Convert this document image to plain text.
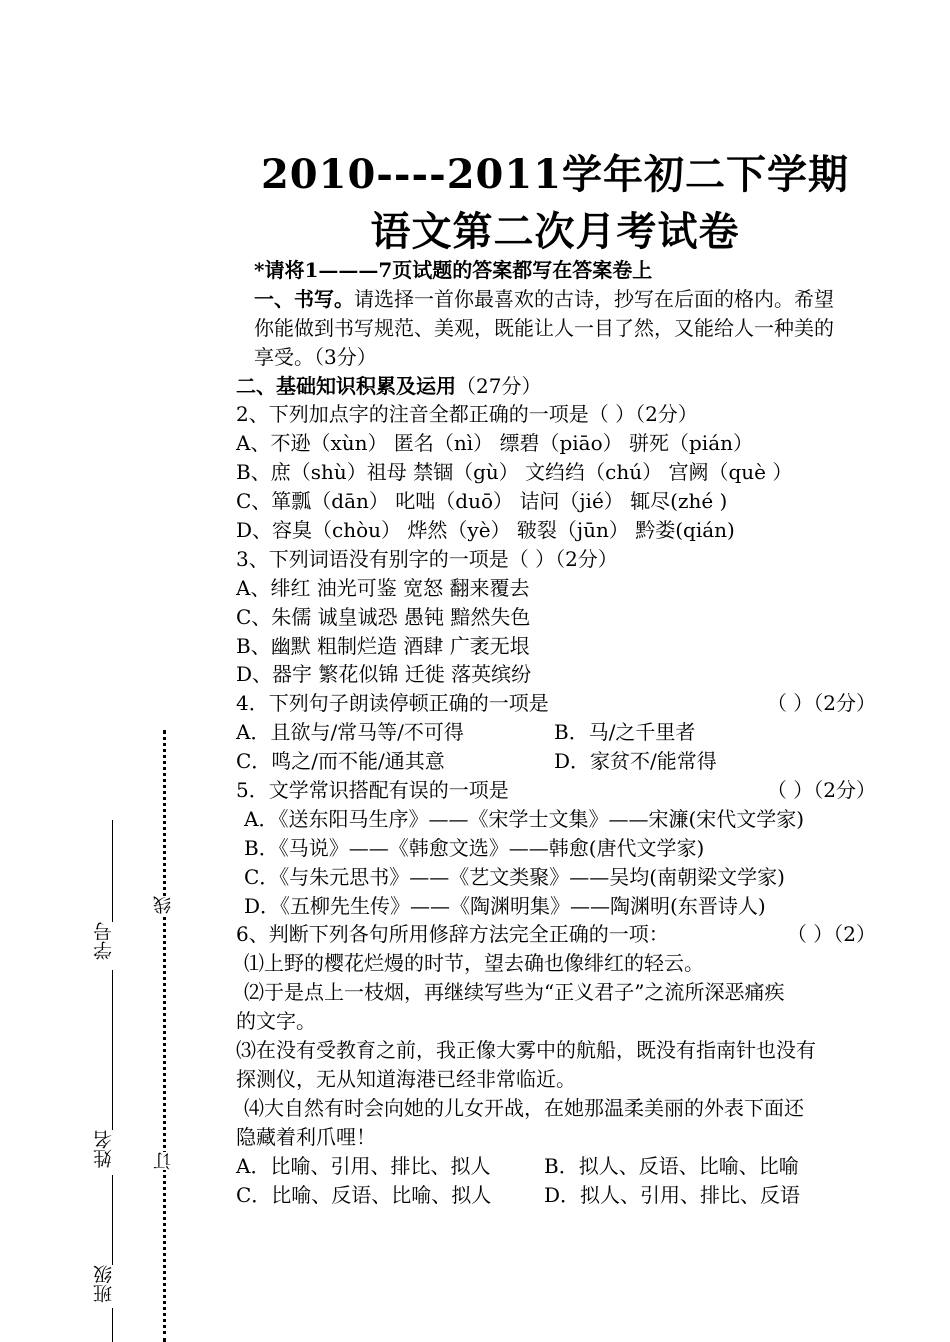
2010----2011学年初二下学期
语文第二次月考试卷
*请将1———7页试题的答案都写在答案卷上
一、书写。请选择一首你最喜欢的古诗，抄写在后面的格内。希望
你能做到书写规范、美观，既能让人一目了然，又能给人一种美的
享受。（3分）
二、基础知识积累及运用（27分）
2、下列加点字的注音全都正确的一项是（ ）（2分）
A、不逊（xùn） 匿名（nì） 缥碧（piāo） 骈死（pián）
B、庶（shù）祖母 禁锢（gù） 文绉绉（chú） 宫阙（què ）
C、箪瓢（dān） 叱咄（duō） 诘问（jié） 辄尽(zhé )
D、容臭（chòu） 烨然（yè） 皲裂（jūn） 黔娄(qián)
3、下列词语没有别字的一项是（ ）（2分）
A、绯红 油光可鉴 宽怒 翻来覆去
C、朱儒 诚皇诚恐 愚钝 黯然失色
B、幽默 粗制烂造 酒肆 广袤无垠
D、器宇 繁花似锦 迁徙 落英缤纷
4．下列句子朗读停顿正确的一项是	（ ）（2分）
A．且欲与/常马等/不可得	B．马/之千里者
C．鸣之/而不能/通其意	D．家贫不/能常得
5．文学常识搭配有误的一项是	（ ）（2分）
A．《送东阳马生序》——《宋学士文集》——宋濂(宋代文学家)
B．《马说》——《韩愈文选》——韩愈(唐代文学家)
C．《与朱元思书》——《艺文类聚》——吴均(南朝梁文学家)
D．《五柳先生传》——《陶渊明集》——陶渊明(东晋诗人)
6、判断下列各句所用修辞方法完全正确的一项：	（ ）（2）
⑴上野的樱花烂熳的时节，望去确也像绯红的轻云。
⑵于是点上一枝烟，再继续写些为“正义君子”之流所深恶痛疾
的文字。
⑶在没有受教育之前，我正像大雾中的航船，既没有指南针也没有
探测仪，无从知道海港已经非常临近。
⑷大自然有时会向她的儿女开战，在她那温柔美丽的外表下面还
隐藏着利爪哩！
A．比喻、引用、排比、拟人	B．拟人、反语、比喻、比喻
C．比喻、反语、比喻、拟人	D．拟人、引用、排比、反语
线
订
学号
姓名
班级
